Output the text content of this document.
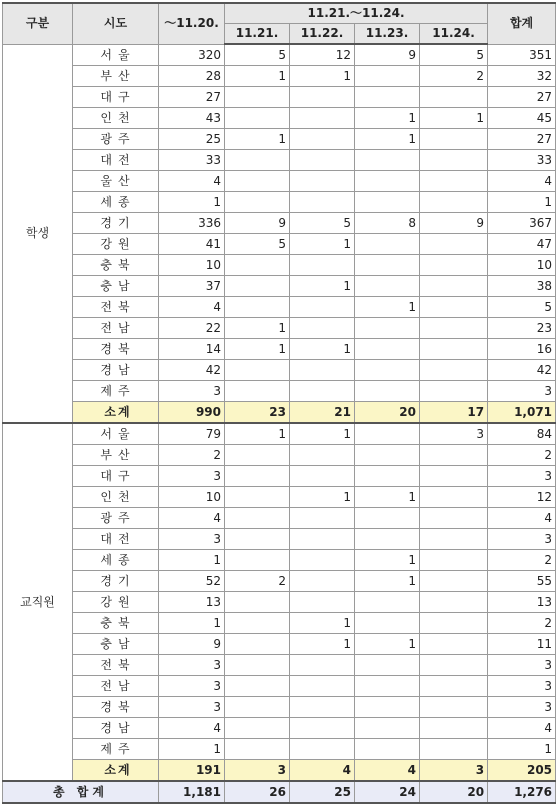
구분	시도	～11.20.	11.21.～11.24.				합계
			11.21.	11.22.	11.23.	11.24.	
학생	서울	320	5	12	9	5	351
	부산	28	1	1		2	32
	대구	27					27
	인천	43			1	1	45
	광주	25	1		1		27
	대전	33					33
	울산	4					4
	세종	1					1
	경기	336	9	5	8	9	367
	강원	41	5	1			47
	충북	10					10
	충남	37		1			38
	전북	4			1		5
	전남	22	1				23
	경북	14	1	1			16
	경남	42					42
	제주	3					3
	소계	990	23	21	20	17	1,071
교직원	서울	79	1	1		3	84
	부산	2					2
	대구	3					3
	인천	10		1	1		12
	광주	4					4
	대전	3					3
	세종	1			1		2
	경기	52	2		1		55
	강원	13					13
	충북	1		1			2
	충남	9		1	1		11
	전북	3					3
	전남	3					3
	경북	3					3
	경남	4					4
	제주	1					1
	소계	191	3	4	4	3	205
총 합계		1,181	26	25	24	20	1,276
